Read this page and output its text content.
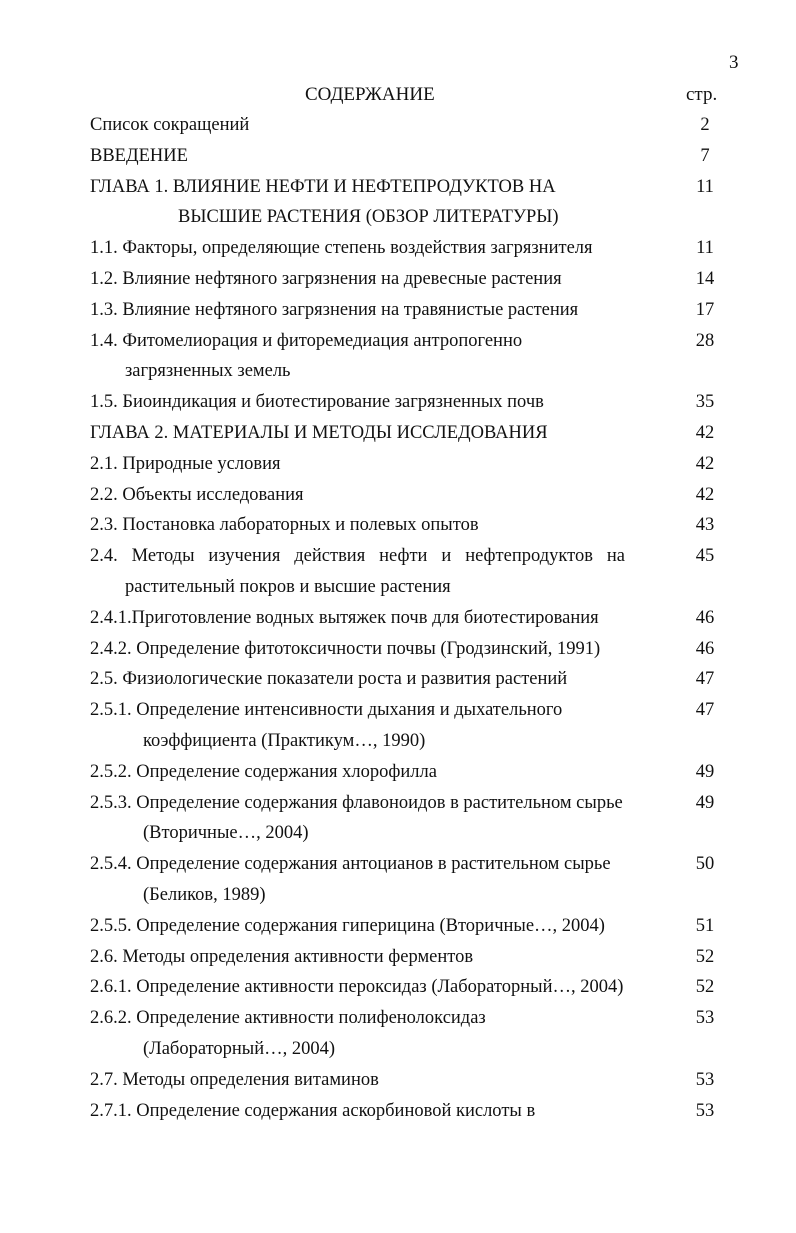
3
СОДЕРЖАНИЕ	стр.
Список сокращений	2
ВВЕДЕНИЕ	7
ГЛАВА 1. ВЛИЯНИЕ НЕФТИ И НЕФТЕПРОДУКТОВ НА	11
ВЫСШИЕ РАСТЕНИЯ (ОБЗОР ЛИТЕРАТУРЫ)
1.1. Факторы, определяющие степень воздействия загрязнителя	11
1.2. Влияние нефтяного загрязнения на древесные растения	14
1.3. Влияние нефтяного загрязнения на травянистые растения	17
1.4. Фитомелиорация и фиторемедиация антропогенно	28
загрязненных земель
1.5. Биоиндикация и биотестирование загрязненных почв	35
ГЛАВА 2. МАТЕРИАЛЫ И МЕТОДЫ ИССЛЕДОВАНИЯ	42
2.1. Природные условия	42
2.2. Объекты исследования	42
2.3. Постановка лабораторных и полевых опытов	43
2.4. Методы изучения действия нефти и нефтепродуктов на	45
растительный покров и высшие растения
2.4.1.Приготовление водных вытяжек почв для биотестирования	46
2.4.2. Определение фитотоксичности почвы (Гродзинский, 1991)	46
2.5. Физиологические показатели роста и развития растений	47
2.5.1. Определение интенсивности дыхания и дыхательного	47
коэффициента (Практикум…, 1990)
2.5.2. Определение содержания хлорофилла	49
2.5.3. Определение содержания флавоноидов в растительном сырье	49
(Вторичные…, 2004)
2.5.4. Определение содержания антоцианов в растительном сырье	50
(Беликов, 1989)
2.5.5. Определение содержания гиперицина (Вторичные…, 2004)	51
2.6. Методы определения активности ферментов	52
2.6.1. Определение активности пероксидаз (Лабораторный…, 2004)	52
2.6.2. Определение активности полифенолоксидаз	53
(Лабораторный…, 2004)
2.7. Методы определения витаминов	53
2.7.1. Определение содержания аскорбиновой кислоты в	53
